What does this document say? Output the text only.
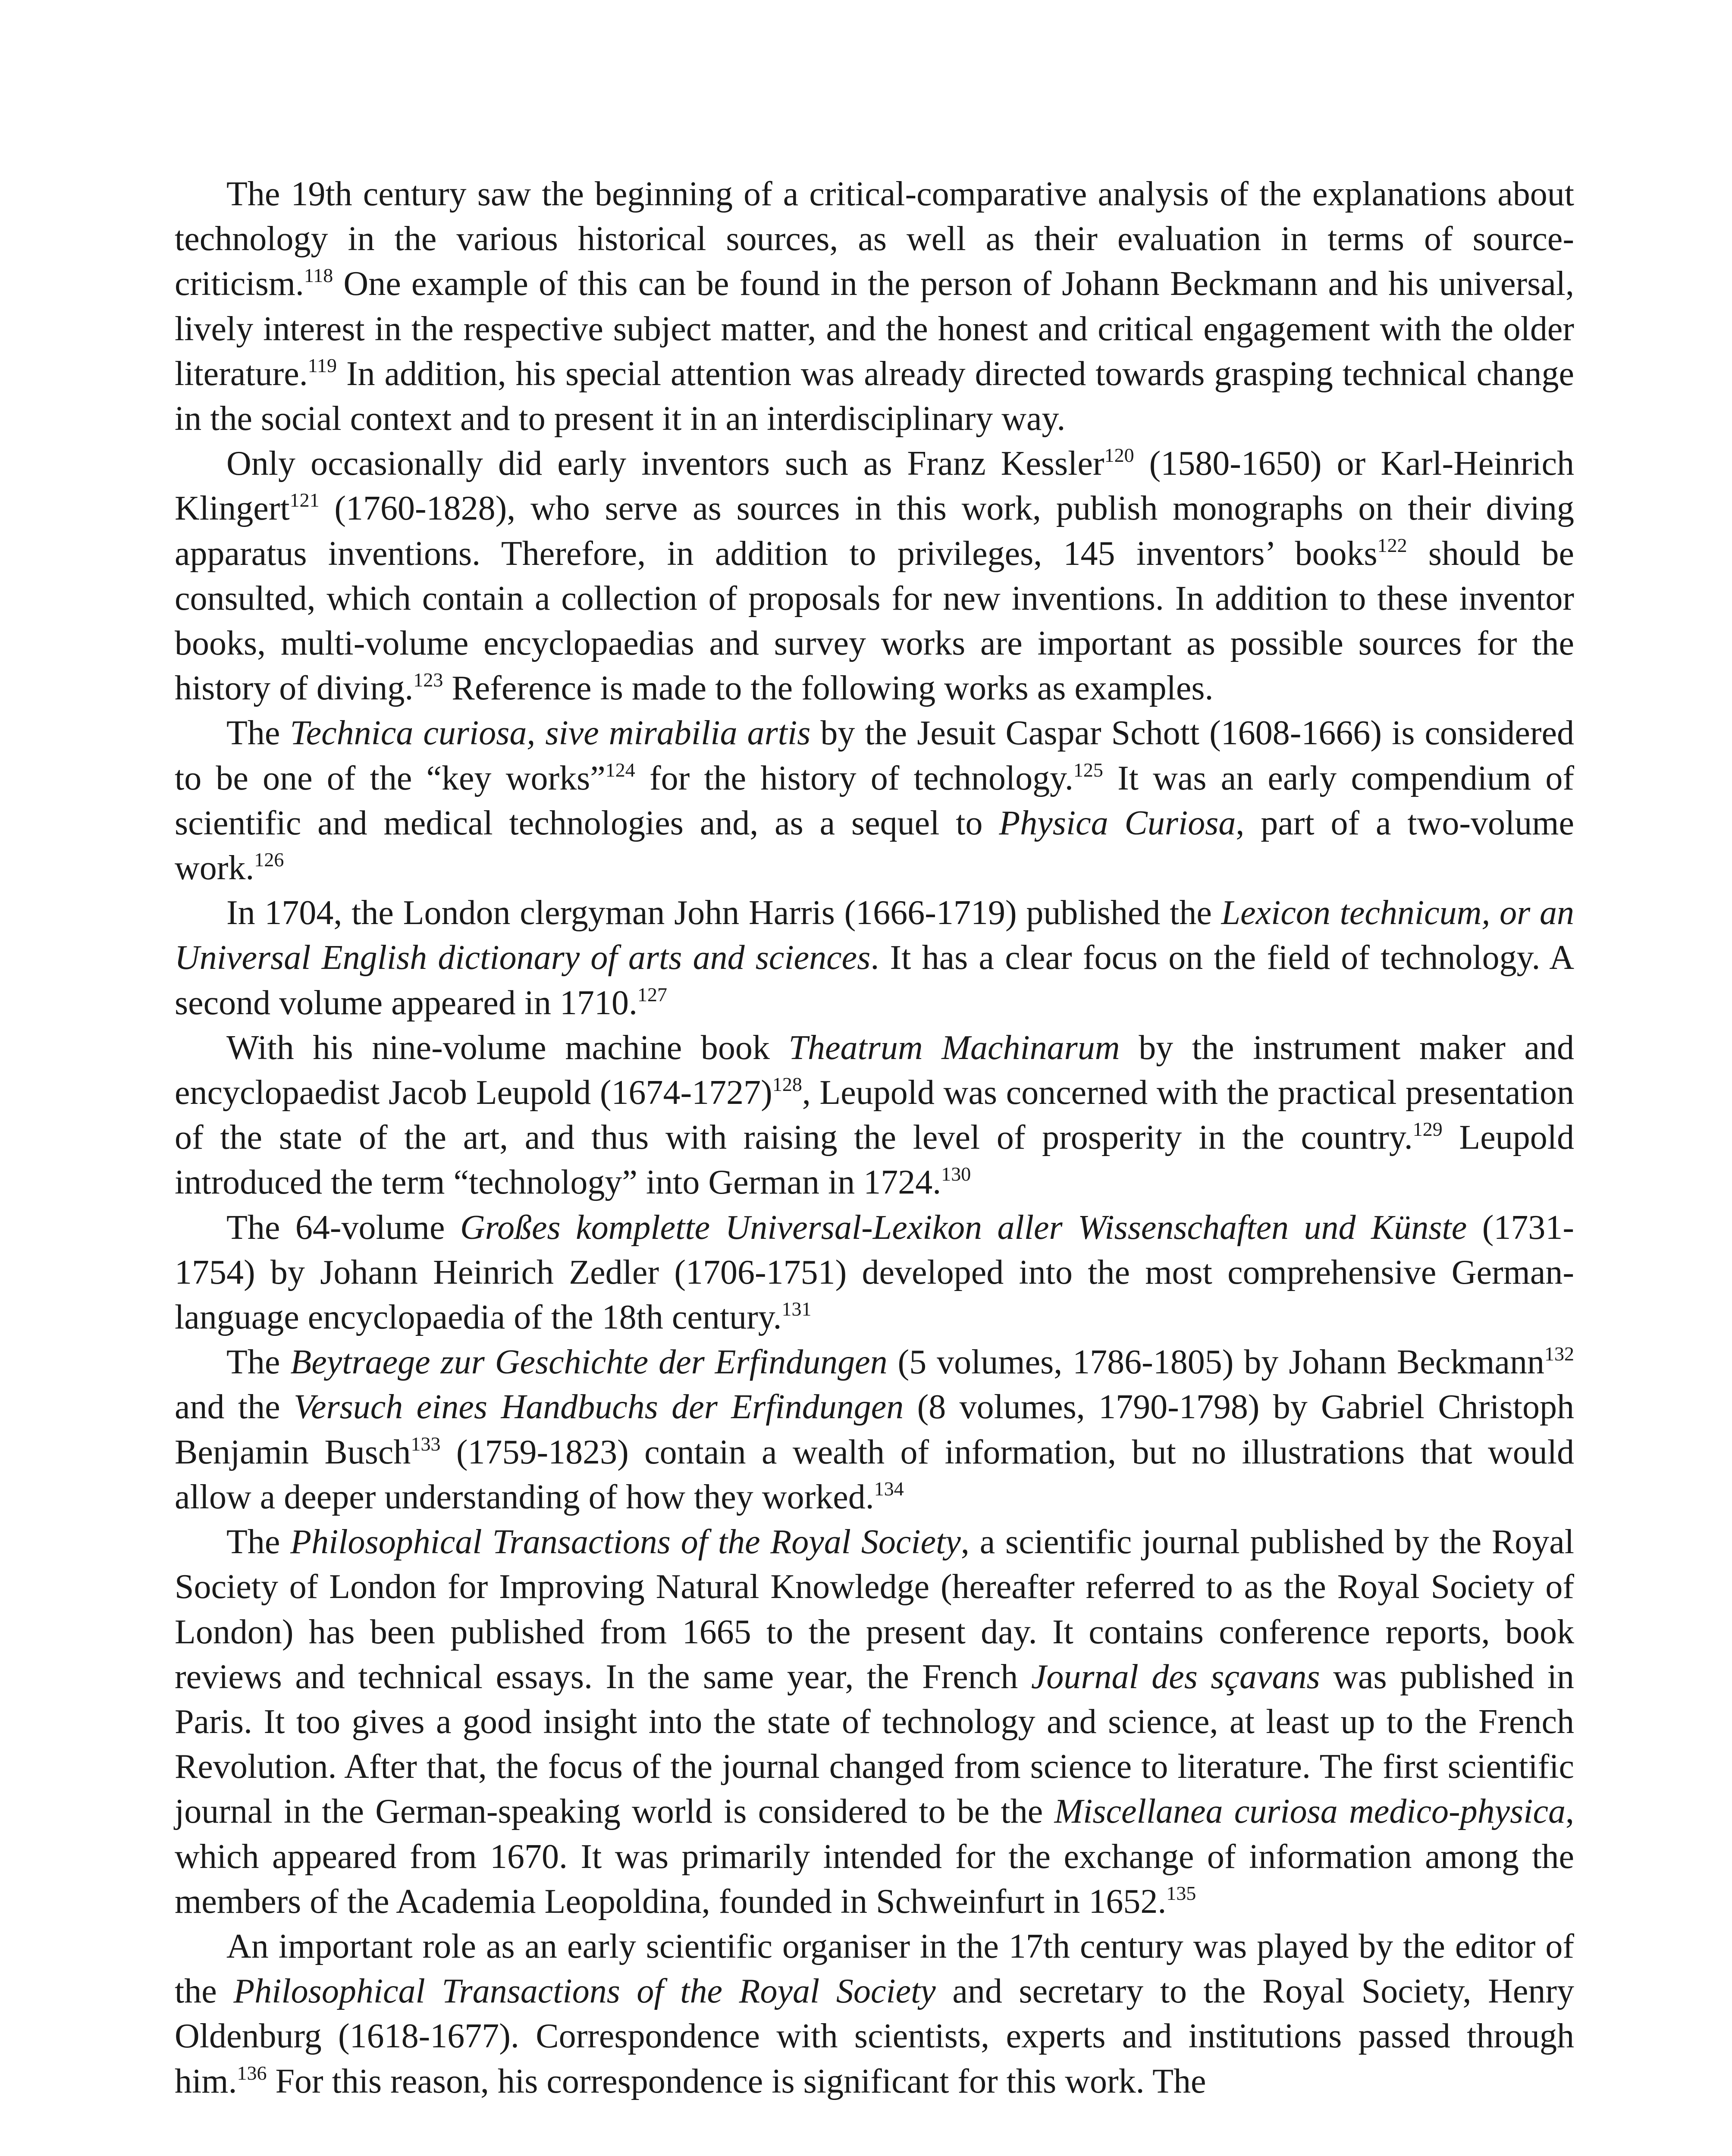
The 19th century saw the beginning of a critical-comparative analysis of the explanations about technology in the various historical sources, as well as their evaluation in terms of source-criticism.$^{118}$ One example of this can be found in the person of Johann Beckmann and his universal, lively interest in the respective subject matter, and the honest and critical engagement with the older literature.$^{119}$ In addition, his special attention was already directed towards grasping technical change in the social context and to present it in an interdisciplinary way.

Only occasionally did early inventors such as Franz Kessler$^{120}$ (1580-1650) or Karl-Heinrich Klingert$^{121}$ (1760-1828), who serve as sources in this work, publish monographs on their diving apparatus inventions. Therefore, in addition to privileges, 145 inventors’ books$^{122}$ should be consulted, which contain a collection of proposals for new inventions. In addition to these inventor books, multi-volume encyclopaedias and survey works are important as possible sources for the history of diving.$^{123}$ Reference is made to the following works as examples.

The Technica curiosa, sive mirabilia artis by the Jesuit Caspar Schott (1608-1666) is considered to be one of the “key works”$^{124}$ for the history of technology.$^{125}$ It was an early compendium of scientific and medical technologies and, as a sequel to Physica Curiosa, part of a two-volume work.$^{126}$

In 1704, the London clergyman John Harris (1666-1719) published the Lexicon technicum, or an Universal English dictionary of arts and sciences. It has a clear focus on the field of technology. A second volume appeared in 1710.$^{127}$

With his nine-volume machine book Theatrum Machinarum by the instrument maker and encyclopaedist Jacob Leupold (1674-1727)$^{128}$, Leupold was concerned with the practical presentation of the state of the art, and thus with raising the level of prosperity in the country.$^{129}$ Leupold introduced the term “technology” into German in 1724.$^{130}$

The 64-volume Großes komplette Universal-Lexikon aller Wissenschaften und Künste (1731-1754) by Johann Heinrich Zedler (1706-1751) developed into the most comprehensive German-language encyclopaedia of the 18th century.$^{131}$

The Beytraege zur Geschichte der Erfindungen (5 volumes, 1786-1805) by Johann Beckmann$^{132}$ and the Versuch eines Handbuchs der Erfindungen (8 volumes, 1790-1798) by Gabriel Christoph Benjamin Busch$^{133}$ (1759-1823) contain a wealth of information, but no illustrations that would allow a deeper understanding of how they worked.$^{134}$

The Philosophical Transactions of the Royal Society, a scientific journal published by the Royal Society of London for Improving Natural Knowledge (hereafter referred to as the Royal Society of London) has been published from 1665 to the present day. It contains conference reports, book reviews and technical essays. In the same year, the French Journal des sçavans was published in Paris. It too gives a good insight into the state of technology and science, at least up to the French Revolution. After that, the focus of the journal changed from science to literature. The first scientific journal in the German-speaking world is considered to be the Miscellanea curiosa medico-physica, which appeared from 1670. It was primarily intended for the exchange of information among the members of the Academia Leopoldina, founded in Schweinfurt in 1652.$^{135}$

An important role as an early scientific organiser in the 17th century was played by the editor of the Philosophical Transactions of the Royal Society and secretary to the Royal Society, Henry Oldenburg (1618-1677). Correspondence with scientists, experts and institutions passed through him.$^{136}$ For this reason, his correspondence is significant for this work. The
